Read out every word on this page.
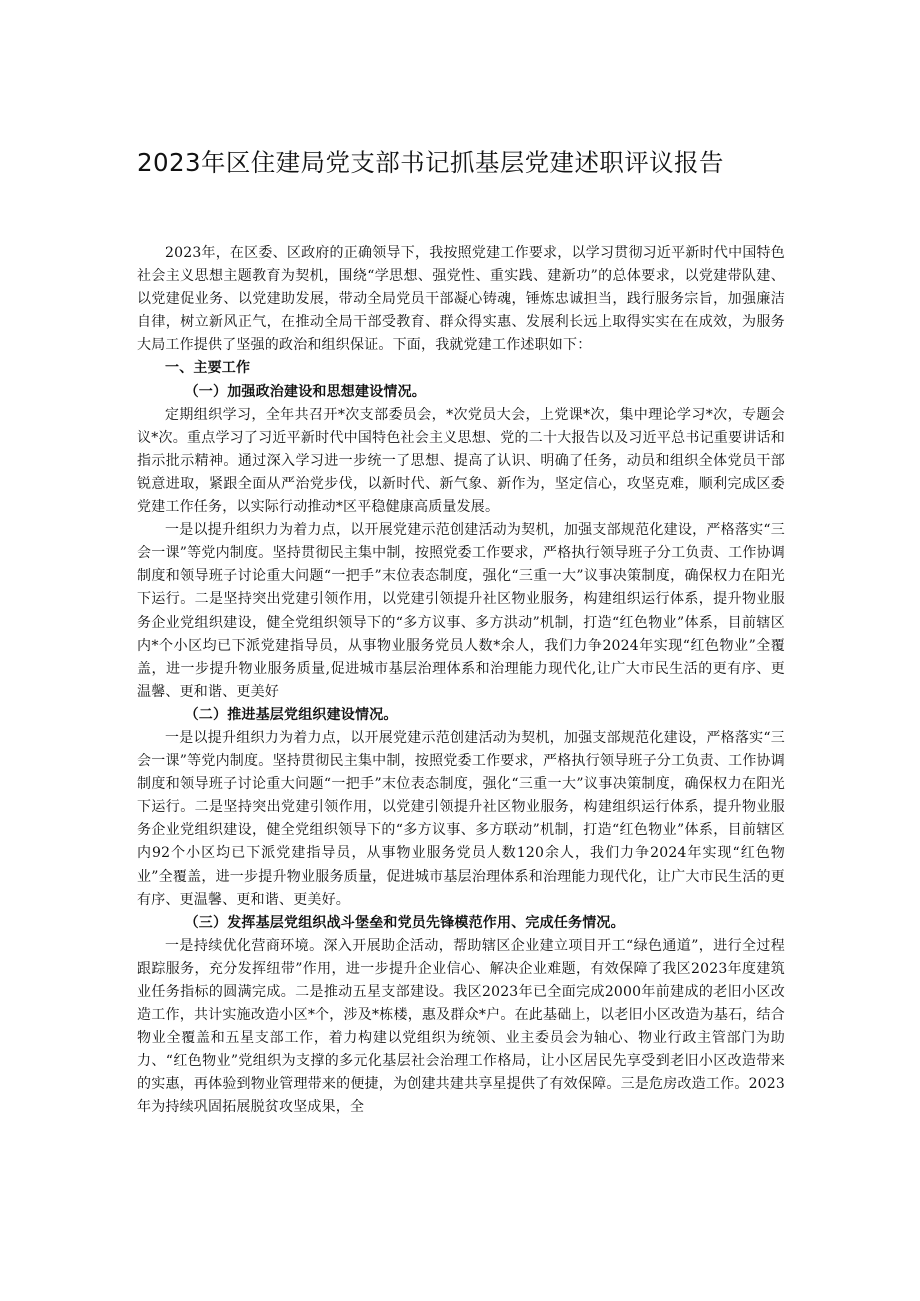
2023年区住建局党支部书记抓基层党建述职评议报告

2023年，在区委、区政府的正确领导下，我按照党建工作要求，以学习贯彻习近平新时代中国特色社会主义思想主题教育为契机，围绕“学思想、强党性、重实践、建新功”的总体要求，以党建带队建、以党建促业务、以党建助发展，带动全局党员干部凝心铸魂，锤炼忠诚担当，践行服务宗旨，加强廉洁自律，树立新风正气，在推动全局干部受教育、群众得实惠、发展利长远上取得实实在在成效，为服务大局工作提供了坚强的政治和组织保证。下面，我就党建工作述职如下：

一、主要工作

（一）加强政治建设和思想建设情况。

定期组织学习，全年共召开*次支部委员会，*次党员大会，上党课*次，集中理论学习*次，专题会议*次。重点学习了习近平新时代中国特色社会主义思想、党的二十大报告以及习近平总书记重要讲话和指示批示精神。通过深入学习进一步统一了思想、提高了认识、明确了任务，动员和组织全体党员干部锐意进取，紧跟全面从严治党步伐，以新时代、新气象、新作为，坚定信心，攻坚克难，顺利完成区委党建工作任务，以实际行动推动*区平稳健康高质量发展。

一是以提升组织力为着力点，以开展党建示范创建活动为契机，加强支部规范化建设，严格落实“三会一课”等党内制度。坚持贯彻民主集中制，按照党委工作要求，严格执行领导班子分工负责、工作协调制度和领导班子讨论重大问题“一把手”末位表态制度，强化“三重一大”议事决策制度，确保权力在阳光下运行。二是坚持突出党建引领作用，以党建引领提升社区物业服务，构建组织运行体系，提升物业服务企业党组织建设，健全党组织领导下的“多方议事、多方洪动”机制，打造“红色物业”体系，目前辖区内*个小区均已下派党建指导员，从事物业服务党员人数*余人，我们力争2024年实现“红色物业”全覆盖，进一步提升物业服务质量,促进城市基层治理体系和治理能力现代化,让广大市民生活的更有序、更温馨、更和谐、更美好

（二）推进基层党组织建设情况。

一是以提升组织力为着力点，以开展党建示范创建活动为契机，加强支部规范化建设，严格落实“三会一课”等党内制度。坚持贯彻民主集中制，按照党委工作要求，严格执行领导班子分工负责、工作协调制度和领导班子讨论重大问题“一把手”末位表态制度，强化“三重一大”议事决策制度，确保权力在阳光下运行。二是坚持突出党建引领作用，以党建引领提升社区物业服务，构建组织运行体系，提升物业服务企业党组织建设，健全党组织领导下的“多方议事、多方联动”机制，打造“红色物业”体系，目前辖区内92个小区均已下派党建指导员，从事物业服务党员人数120余人，我们力争2024年实现“红色物业”全覆盖，进一步提升物业服务质量，促进城市基层治理体系和治理能力现代化，让广大市民生活的更有序、更温馨、更和谐、更美好。

（三）发挥基层党组织战斗堡垒和党员先锋模范作用、完成任务情况。

一是持续优化营商环境。深入开展助企活动，帮助辖区企业建立项目开工“绿色通道”，进行全过程跟踪服务，充分发挥纽带”作用，进一步提升企业信心、解决企业难题，有效保障了我区2023年度建筑业任务指标的圆满完成。二是推动五星支部建设。我区2023年已全面完成2000年前建成的老旧小区改造工作，共计实施改造小区*个，涉及*栋楼，惠及群众*户。在此基础上，以老旧小区改造为基石，结合物业全覆盖和五星支部工作，着力构建以党组织为统领、业主委员会为轴心、物业行政主管部门为助力、“红色物业”党组织为支撑的多元化基层社会治理工作格局，让小区居民先享受到老旧小区改造带来的实惠，再体验到物业管理带来的便捷，为创建共建共享星提供了有效保障。三是危房改造工作。2023年为持续巩固拓展脱贫攻坚成果，全
